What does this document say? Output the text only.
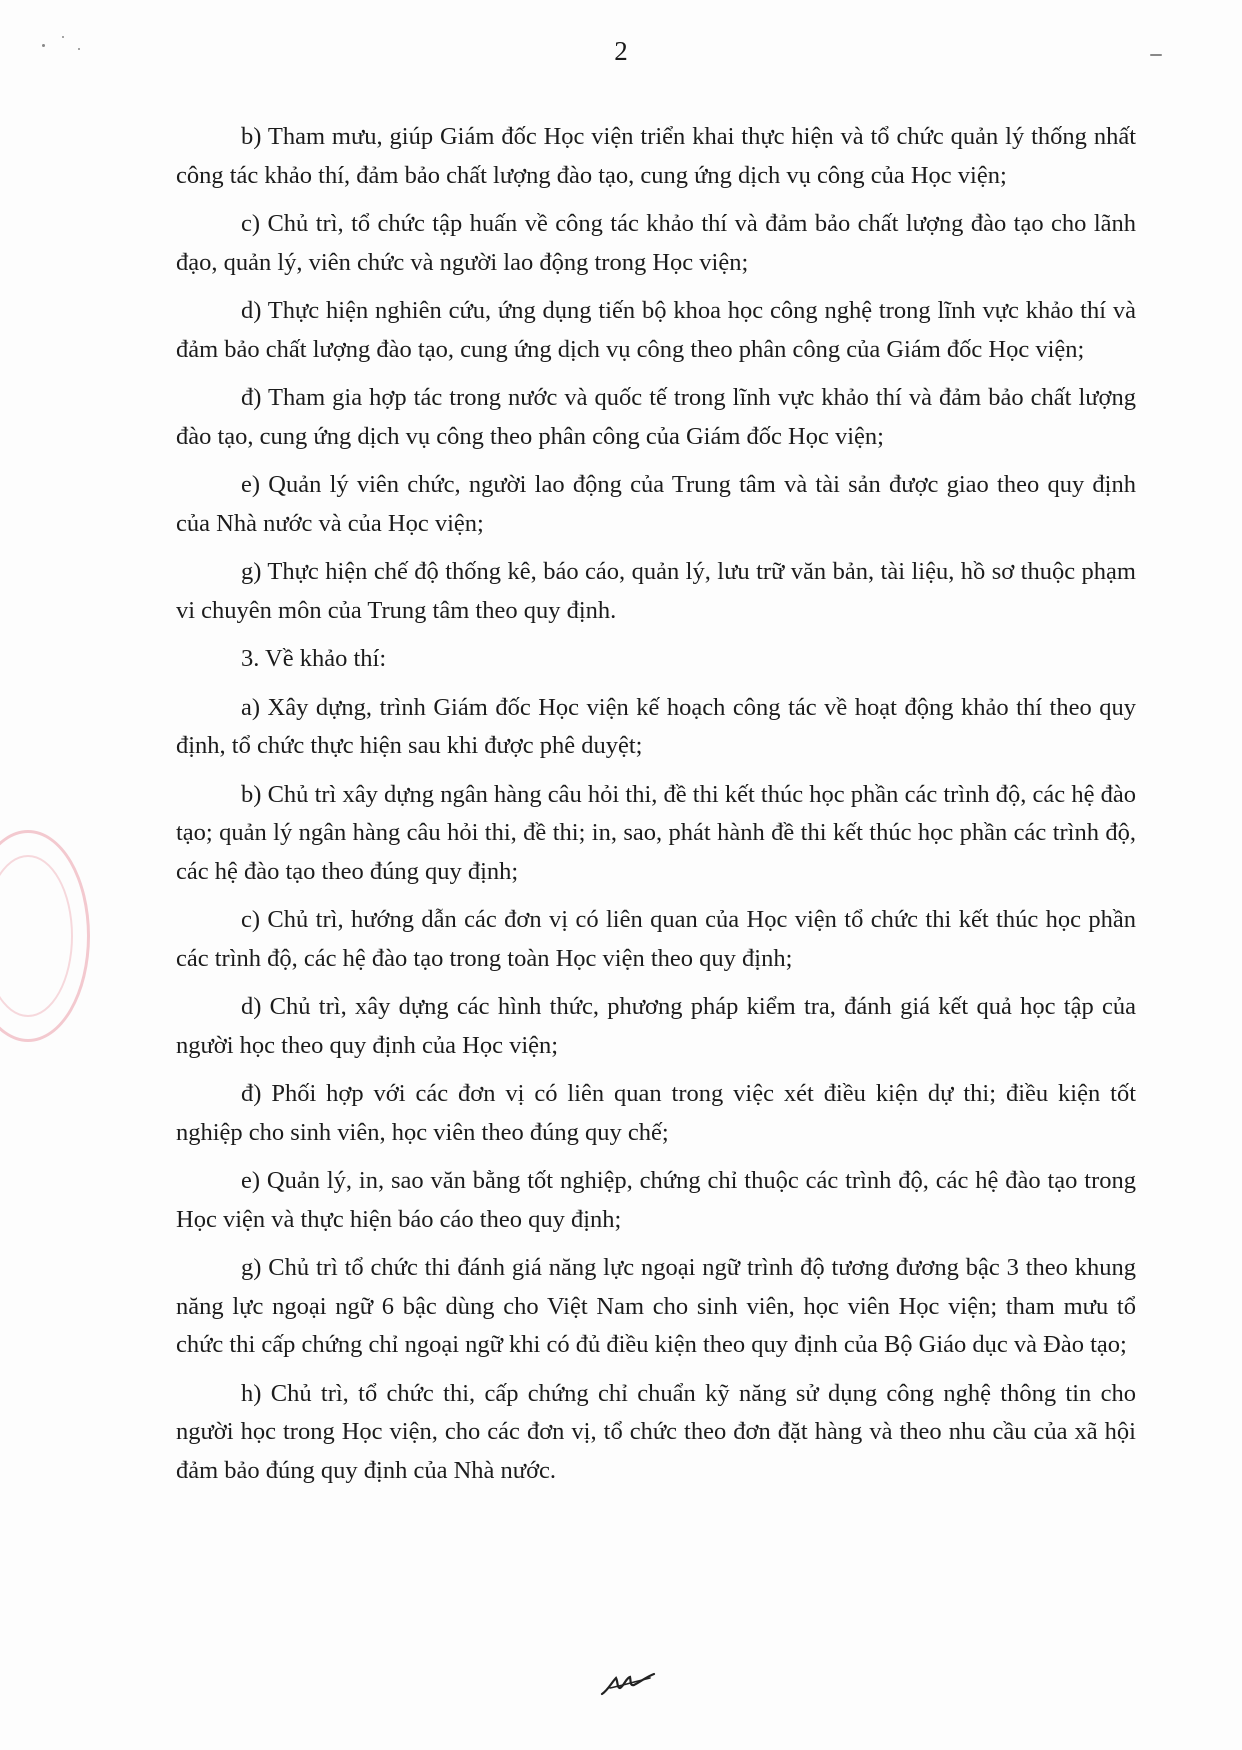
2

b) Tham mưu, giúp Giám đốc Học viện triển khai thực hiện và tổ chức quản lý thống nhất công tác khảo thí, đảm bảo chất lượng đào tạo, cung ứng dịch vụ công của Học viện;

c) Chủ trì, tổ chức tập huấn về công tác khảo thí và đảm bảo chất lượng đào tạo cho lãnh đạo, quản lý, viên chức và người lao động trong Học viện;

d) Thực hiện nghiên cứu, ứng dụng tiến bộ khoa học công nghệ trong lĩnh vực khảo thí và đảm bảo chất lượng đào tạo, cung ứng dịch vụ công theo phân công của Giám đốc Học viện;

đ) Tham gia hợp tác trong nước và quốc tế trong lĩnh vực khảo thí và đảm bảo chất lượng đào tạo, cung ứng dịch vụ công theo phân công của Giám đốc Học viện;

e) Quản lý viên chức, người lao động của Trung tâm và tài sản được giao theo quy định của Nhà nước và của Học viện;

g) Thực hiện chế độ thống kê, báo cáo, quản lý, lưu trữ văn bản, tài liệu, hồ sơ thuộc phạm vi chuyên môn của Trung tâm theo quy định.

3. Về khảo thí:

a) Xây dựng, trình Giám đốc Học viện kế hoạch công tác về hoạt động khảo thí theo quy định, tổ chức thực hiện sau khi được phê duyệt;

b) Chủ trì xây dựng ngân hàng câu hỏi thi, đề thi kết thúc học phần các trình độ, các hệ đào tạo; quản lý ngân hàng câu hỏi thi, đề thi; in, sao, phát hành đề thi kết thúc học phần các trình độ, các hệ đào tạo theo đúng quy định;

c) Chủ trì, hướng dẫn các đơn vị có liên quan của Học viện tổ chức thi kết thúc học phần các trình độ, các hệ đào tạo trong toàn Học viện theo quy định;

d) Chủ trì, xây dựng các hình thức, phương pháp kiểm tra, đánh giá kết quả học tập của người học theo quy định của Học viện;

đ) Phối hợp với các đơn vị có liên quan trong việc xét điều kiện dự thi; điều kiện tốt nghiệp cho sinh viên, học viên theo đúng quy chế;

e) Quản lý, in, sao văn bằng tốt nghiệp, chứng chỉ thuộc các trình độ, các hệ đào tạo trong Học viện và thực hiện báo cáo theo quy định;

g) Chủ trì tổ chức thi đánh giá năng lực ngoại ngữ trình độ tương đương bậc 3 theo khung năng lực ngoại ngữ 6 bậc dùng cho Việt Nam cho sinh viên, học viên Học viện; tham mưu tổ chức thi cấp chứng chỉ ngoại ngữ khi có đủ điều kiện theo quy định của Bộ Giáo dục và Đào tạo;

h) Chủ trì, tổ chức thi, cấp chứng chỉ chuẩn kỹ năng sử dụng công nghệ thông tin cho người học trong Học viện, cho các đơn vị, tổ chức theo đơn đặt hàng và theo nhu cầu của xã hội đảm bảo đúng quy định của Nhà nước.
